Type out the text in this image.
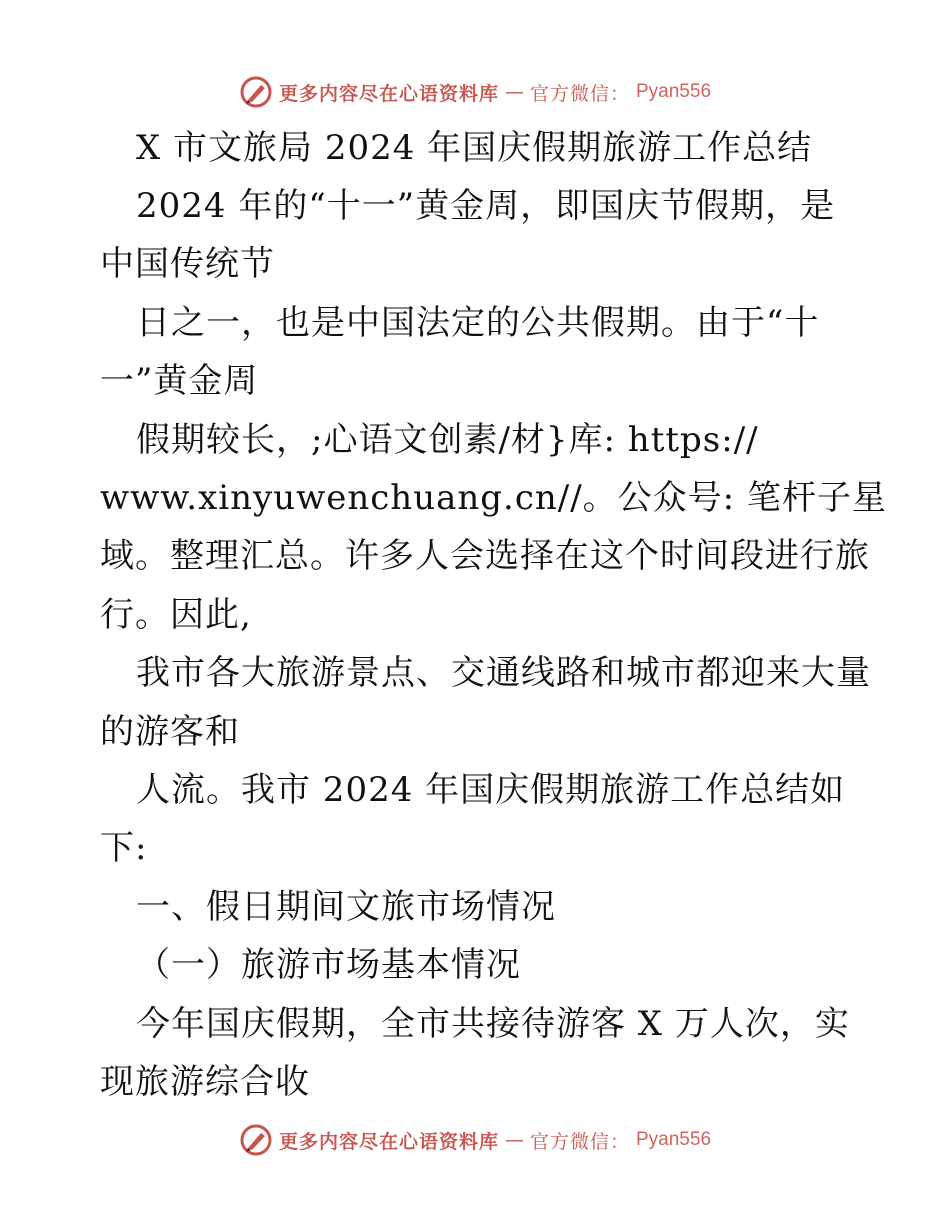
更多内容尽在心语资料库 — 官方微信： Pyan556
X 市文旅局 2024 年国庆假期旅游工作总结
2024 年的“十一”黄金周，即国庆节假期，是
中国传统节
日之一，也是中国法定的公共假期。由于“十
一”黄金周
假期较长，;心语文创素/材}库: https://
www.xinyuwenchuang.cn//。公众号: 笔杆子星
域。整理汇总。许多人会选择在这个时间段进行旅
行。因此,
我市各大旅游景点、交通线路和城市都迎来大量
的游客和
人流。我市 2024 年国庆假期旅游工作总结如
下:
一、假日期间文旅市场情况
（一）旅游市场基本情况
今年国庆假期，全市共接待游客 X 万人次，实
现旅游综合收
更多内容尽在心语资料库 — 官方微信： Pyan556
